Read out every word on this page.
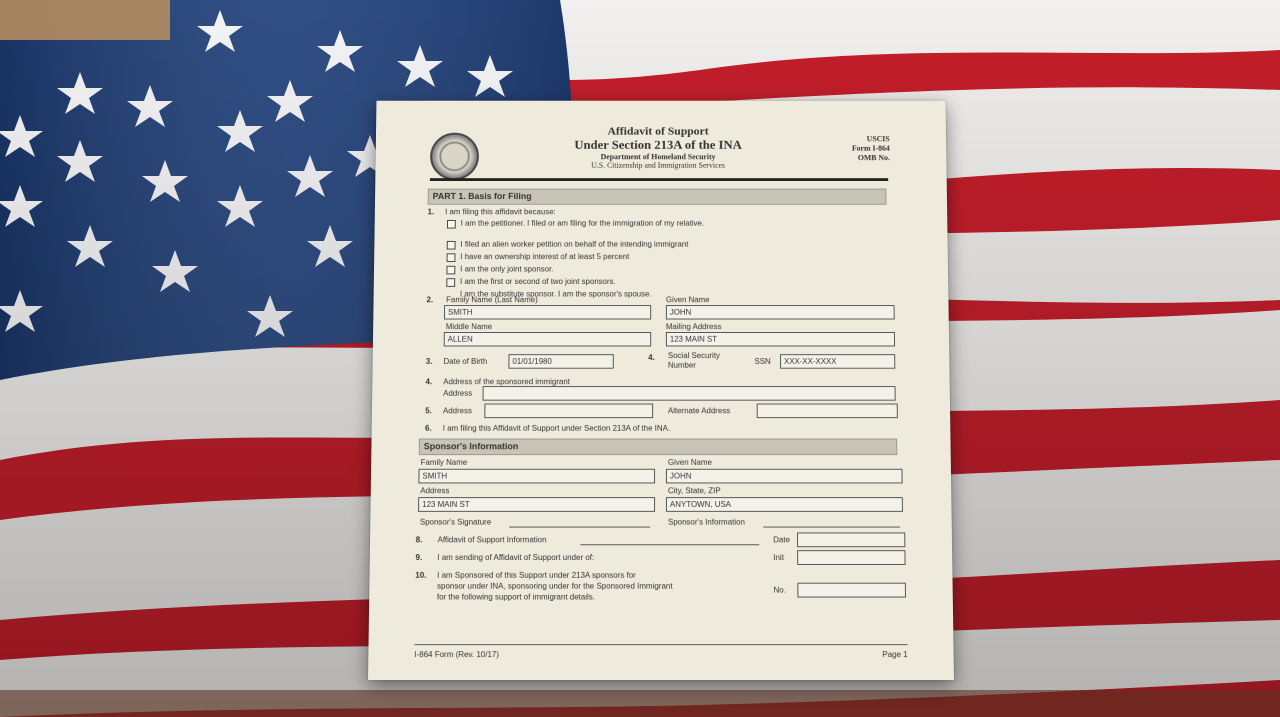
Affidavit of Support
Under Section 213A of the INA
Department of Homeland Security
U.S. Citizenship and Immigration Services
USCIS
Form I-864
OMB No.
PART 1. Basis for Filing
1. I am filing this affidavit because:
I am the petitioner. I filed or am filing for the immigration of my relative.
I filed an alien worker petition on behalf of the intending immigrant
I have an ownership interest of at least 5 percent
I am the only joint sponsor.
I am the first or second of two joint sponsors.
I am the substitute sponsor. I am the sponsor's spouse.
2. Family Name (Last Name)	Given Name
SMITH	JOHN
Middle Name	Mailing Address
ALLEN	123 MAIN ST
3. Date of Birth	01/01/1980	4. Social Security Number	SSN	XXX-XX-XXXX
4. Address of the sponsored immigrant
Address
5. Address	Alternate Address
6. I am filing this Affidavit of Support under Section 213A of the INA.
Sponsor's Information
Family Name	Given Name
SMITH	JOHN
Address	City, State, ZIP
123 MAIN ST	ANYTOWN, USA
Sponsor's Signature	Sponsor's Information
8. Affidavit of Support Information	Date
9. I am sending of Affidavit of Support under of:	Init
10. I am Sponsored of this Support under 213A sponsors for
sponsor under INA, sponsoring under for the Sponsored Immigrant
for the following support of immigrant details.
No.
I-864 Form (Rev. 10/17)	Page 1
